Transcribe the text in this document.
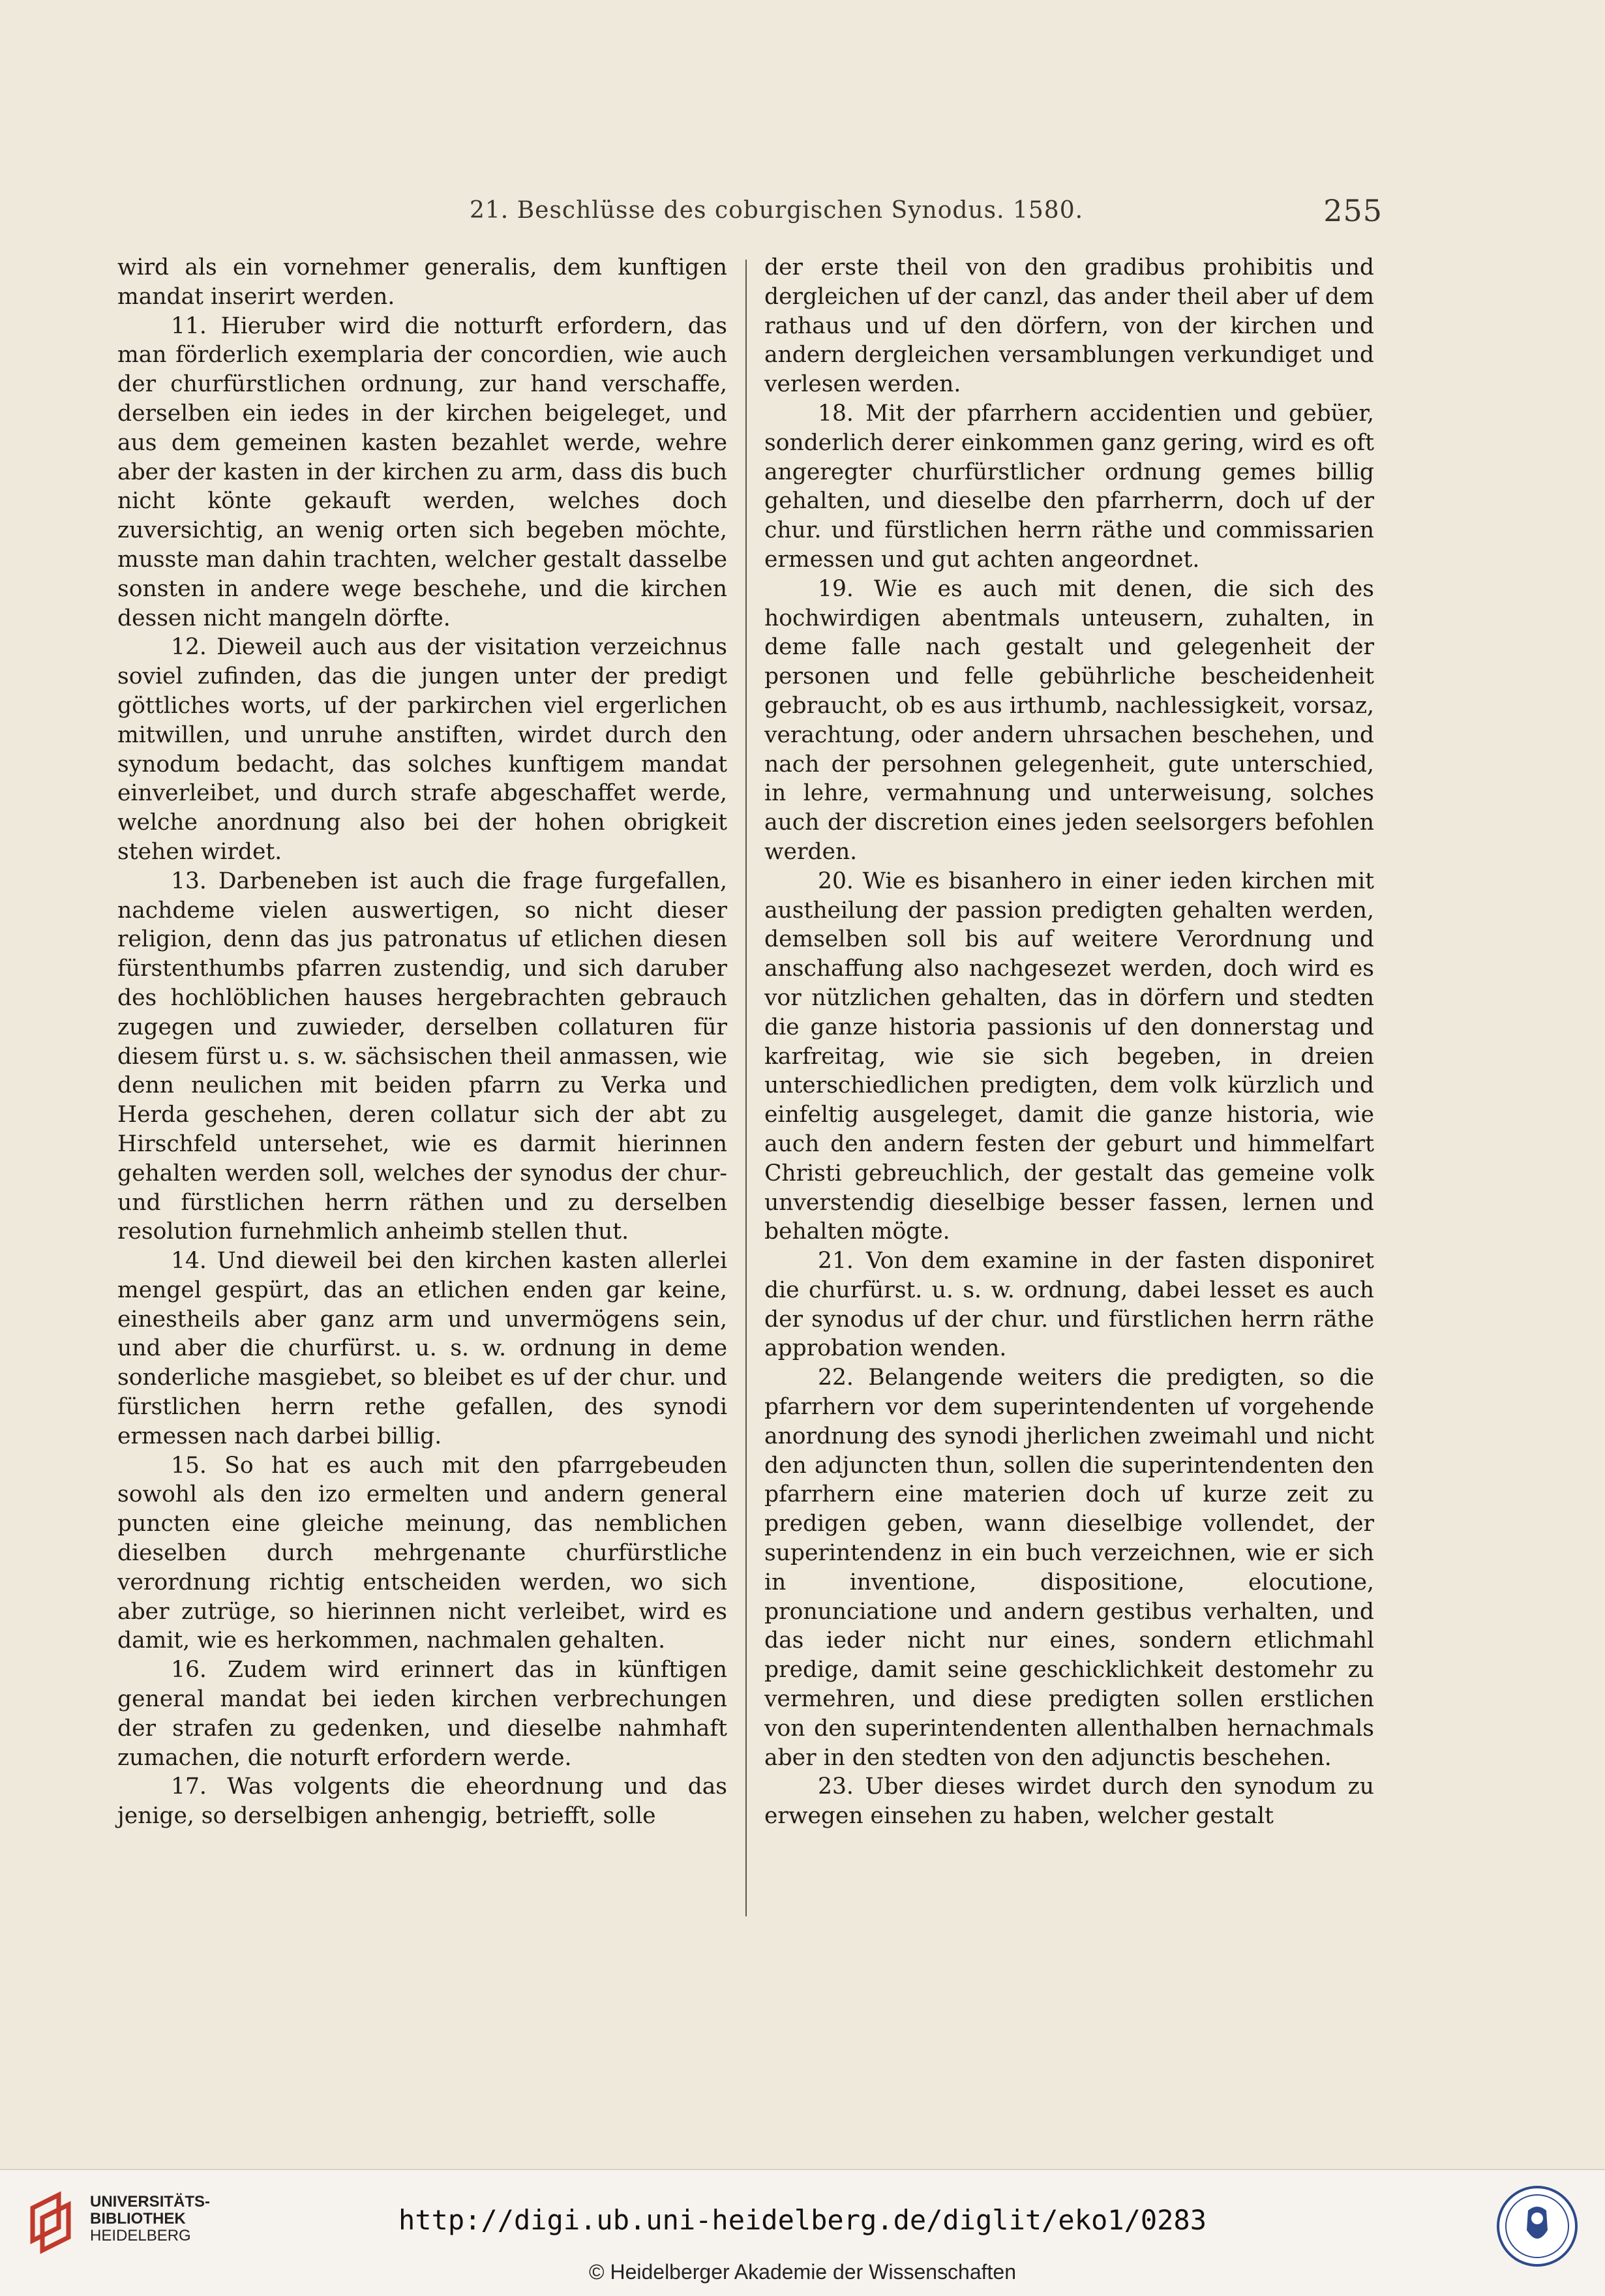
21. Beschlüsse des coburgischen Synodus. 1580.	255

wird als ein vornehmer generalis, dem kunftigen mandat inserirt werden.

11. Hieruber wird die notturft erfordern, das man förderlich exemplaria der concordien, wie auch der churfürstlichen ordnung, zur hand verschaffe, derselben ein iedes in der kirchen beigeleget, und aus dem gemeinen kasten bezahlet werde, wehre aber der kasten in der kirchen zu arm, dass dis buch nicht könte gekauft werden, welches doch zuversichtig, an wenig orten sich begeben möchte, musste man dahin trachten, welcher gestalt dasselbe sonsten in andere wege beschehe, und die kirchen dessen nicht mangeln dörfte.

12. Dieweil auch aus der visitation verzeichnus soviel zufinden, das die jungen unter der predigt göttliches worts, uf der parkirchen viel ergerlichen mitwillen, und unruhe anstiften, wirdet durch den synodum bedacht, das solches kunftigem mandat einverleibet, und durch strafe abgeschaffet werde, welche anordnung also bei der hohen obrigkeit stehen wirdet.

13. Darbeneben ist auch die frage furgefallen, nachdeme vielen auswertigen, so nicht dieser religion, denn das jus patronatus uf etlichen diesen fürstenthumbs pfarren zustendig, und sich daruber des hochlöblichen hauses hergebrachten gebrauch zugegen und zuwieder, derselben collaturen für diesem fürst u. s. w. sächsischen theil anmassen, wie denn neulichen mit beiden pfarrn zu Verka und Herda geschehen, deren collatur sich der abt zu Hirschfeld untersehet, wie es darmit hierinnen gehalten werden soll, welches der synodus der chur- und fürstlichen herrn räthen und zu derselben resolution furnehmlich anheimb stellen thut.

14. Und dieweil bei den kirchen kasten allerlei mengel gespürt, das an etlichen enden gar keine, einestheils aber ganz arm und unvermögens sein, und aber die churfürst. u. s. w. ordnung in deme sonderliche masgiebet, so bleibet es uf der chur. und fürstlichen herrn rethe gefallen, des synodi ermessen nach darbei billig.

15. So hat es auch mit den pfarrgebeuden sowohl als den izo ermelten und andern general puncten eine gleiche meinung, das nemblichen dieselben durch mehrgenante churfürstliche verordnung richtig entscheiden werden, wo sich aber zutrüge, so hierinnen nicht verleibet, wird es damit, wie es herkommen, nachmalen gehalten.

16. Zudem wird erinnert das in künftigen general mandat bei ieden kirchen verbrechungen der strafen zu gedenken, und dieselbe nahmhaft zumachen, die noturft erfordern werde.

17. Was volgents die eheordnung und das jenige, so derselbigen anhengig, betriefft, solle

der erste theil von den gradibus prohibitis und dergleichen uf der canzl, das ander theil aber uf dem rathaus und uf den dörfern, von der kirchen und andern dergleichen versamblungen verkundiget und verlesen werden.

18. Mit der pfarrhern accidentien und gebüer, sonderlich derer einkommen ganz gering, wird es oft angeregter churfürstlicher ordnung gemes billig gehalten, und dieselbe den pfarrherrn, doch uf der chur. und fürstlichen herrn räthe und commissarien ermessen und gut achten angeordnet.

19. Wie es auch mit denen, die sich des hochwirdigen abentmals unteusern, zuhalten, in deme falle nach gestalt und gelegenheit der personen und felle gebührliche bescheidenheit gebraucht, ob es aus irthumb, nachlessigkeit, vorsaz, verachtung, oder andern uhrsachen beschehen, und nach der persohnen gelegenheit, gute unterschied, in lehre, vermahnung und unterweisung, solches auch der discretion eines jeden seelsorgers befohlen werden.

20. Wie es bisanhero in einer ieden kirchen mit austheilung der passion predigten gehalten werden, demselben soll bis auf weitere Verordnung und anschaffung also nachgesezet werden, doch wird es vor nützlichen gehalten, das in dörfern und stedten die ganze historia passionis uf den donnerstag und karfreitag, wie sie sich begeben, in dreien unterschiedlichen predigten, dem volk kürzlich und einfeltig ausgeleget, damit die ganze historia, wie auch den andern festen der geburt und himmelfart Christi gebreuchlich, der gestalt das gemeine volk unverstendig dieselbige besser fassen, lernen und behalten mögte.

21. Von dem examine in der fasten disponiret die churfürst. u. s. w. ordnung, dabei lesset es auch der synodus uf der chur. und fürstlichen herrn räthe approbation wenden.

22. Belangende weiters die predigten, so die pfarrhern vor dem superintendenten uf vorgehende anordnung des synodi jherlichen zweimahl und nicht den adjuncten thun, sollen die superintendenten den pfarrhern eine materien doch uf kurze zeit zu predigen geben, wann dieselbige vollendet, der superintendenz in ein buch verzeichnen, wie er sich in inventione, dispositione, elocutione, pronunciatione und andern gestibus verhalten, und das ieder nicht nur eines, sondern etlichmahl predige, damit seine geschicklichkeit destomehr zu vermehren, und diese predigten sollen erstlichen von den superintendenten allenthalben hernachmals aber in den stedten von den adjunctis beschehen.

23. Uber dieses wirdet durch den synodum zu erwegen einsehen zu haben, welcher gestalt

UNIVERSITÄTS-
BIBLIOTHEK
HEIDELBERG	http://digi.ub.uni-heidelberg.de/diglit/eko1/0283
© Heidelberger Akademie der Wissenschaften
